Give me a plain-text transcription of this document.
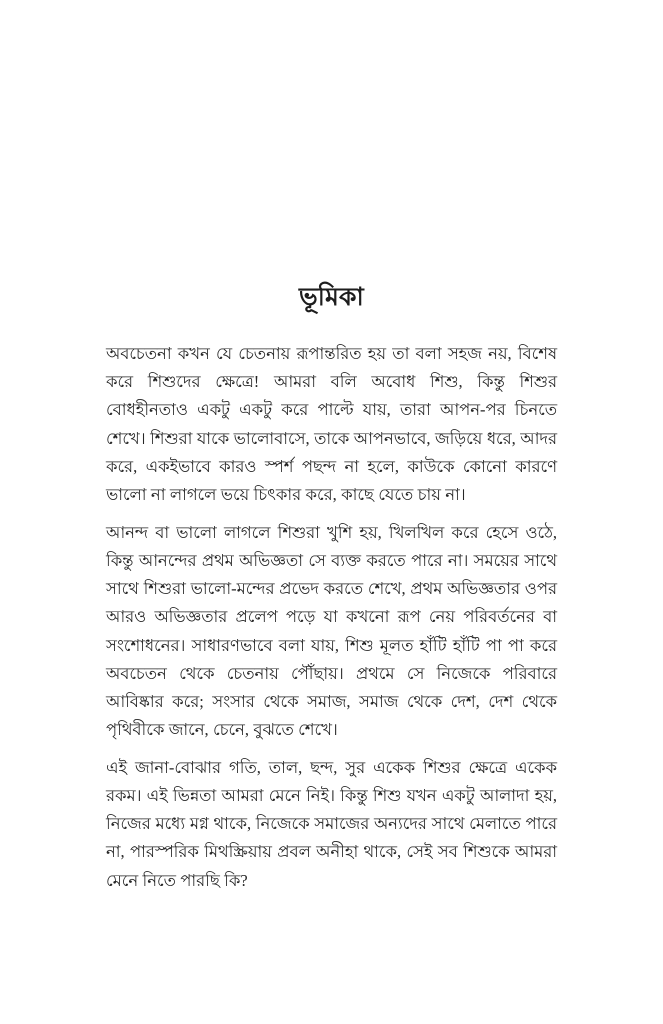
ভূমিকা

অবচেতনা কখন যে চেতনায় রূপান্তরিত হয় তা বলা সহজ নয়, বিশেষ করে শিশুদের ক্ষেত্রে! আমরা বলি অবোধ শিশু, কিন্তু শিশুর বোধহীনতাও একটু একটু করে পাল্টে যায়, তারা আপন-পর চিনতে শেখে। শিশুরা যাকে ভালোবাসে, তাকে আপনভাবে, জড়িয়ে ধরে, আদর করে, একইভাবে কারও স্পর্শ পছন্দ না হলে, কাউকে কোনো কারণে ভালো না লাগলে ভয়ে চিৎকার করে, কাছে যেতে চায় না।

আনন্দ বা ভালো লাগলে শিশুরা খুশি হয়, খিলখিল করে হেসে ওঠে, কিন্তু আনন্দের প্রথম অভিজ্ঞতা সে ব্যক্ত করতে পারে না। সময়ের সাথে সাথে শিশুরা ভালো-মন্দের প্রভেদ করতে শেখে, প্রথম অভিজ্ঞতার ওপর আরও অভিজ্ঞতার প্রলেপ পড়ে যা কখনো রূপ নেয় পরিবর্তনের বা সংশোধনের। সাধারণভাবে বলা যায়, শিশু মূলত হাঁটি হাঁটি পা পা করে অবচেতন থেকে চেতনায় পৌঁছায়। প্রথমে সে নিজেকে পরিবারে আবিষ্কার করে; সংসার থেকে সমাজ, সমাজ থেকে দেশ, দেশ থেকে পৃথিবীকে জানে, চেনে, বুঝতে শেখে।

এই জানা-বোঝার গতি, তাল, ছন্দ, সুর একেক শিশুর ক্ষেত্রে একেক রকম। এই ভিন্নতা আমরা মেনে নিই। কিন্তু শিশু যখন একটু আলাদা হয়, নিজের মধ্যে মগ্ন থাকে, নিজেকে সমাজের অন্যদের সাথে মেলাতে পারে না, পারস্পরিক মিথস্ক্রিয়ায় প্রবল অনীহা থাকে, সেই সব শিশুকে আমরা মেনে নিতে পারছি কি?
